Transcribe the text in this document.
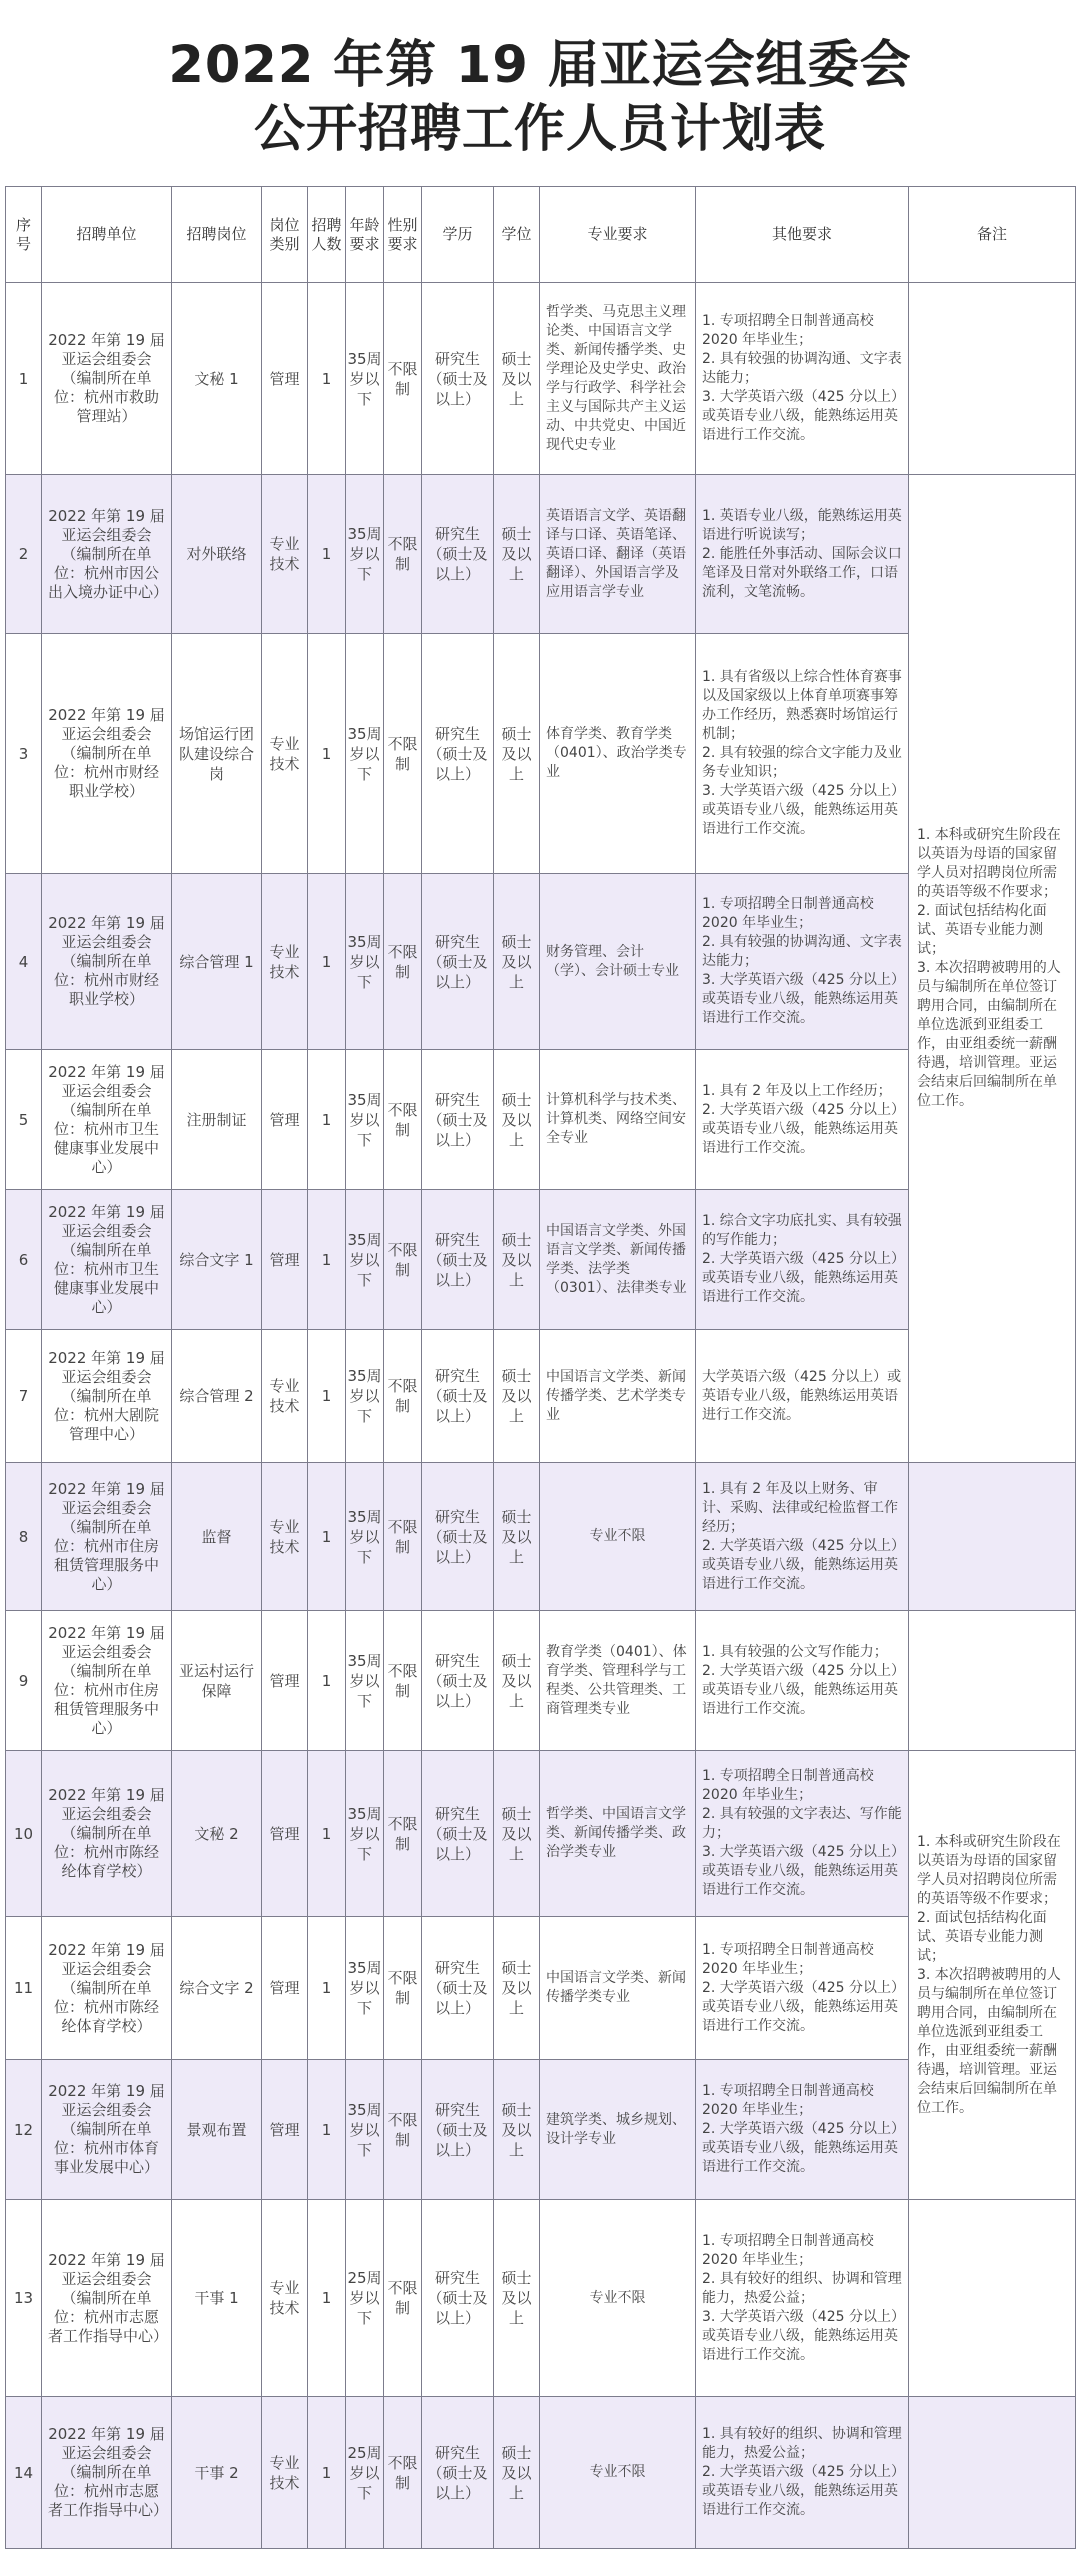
2022 年第 19 届亚运会组委会
公开招聘工作人员计划表
序号	招聘单位	招聘岗位	岗位类别	招聘人数	年龄要求	性别要求	学历	学位	专业要求	其他要求	备注
1	2022 年第 19 届亚运会组委会（编制所在单位：杭州市救助管理站）	文秘 1	管理	1	35周岁以下	不限制	研究生（硕士及以上）	硕士及以上	哲学类、马克思主义理论类、中国语言文学类、新闻传播学类、史学理论及史学史、政治学与行政学、科学社会主义与国际共产主义运动、中共党史、中国近现代史专业	1. 专项招聘全日制普通高校 2020 年毕业生；
2. 具有较强的协调沟通、文字表达能力；
3. 大学英语六级（425 分以上）或英语专业八级，能熟练运用英语进行工作交流。	
2	2022 年第 19 届亚运会组委会（编制所在单位：杭州市因公出入境办证中心）	对外联络	专业技术	1	35周岁以下	不限制	研究生（硕士及以上）	硕士及以上	英语语言文学、英语翻译与口译、英语笔译、英语口译、翻译（英语翻译）、外国语言学及应用语言学专业	1. 英语专业八级，能熟练运用英语进行听说读写；
2. 能胜任外事活动、国际会议口笔译及日常对外联络工作，口语流利，文笔流畅。	1. 本科或研究生阶段在以英语为母语的国家留学人员对招聘岗位所需的英语等级不作要求；
2. 面试包括结构化面试、英语专业能力测试；
3. 本次招聘被聘用的人员与编制所在单位签订聘用合同，由编制所在单位选派到亚组委工作，由亚组委统一薪酬待遇，培训管理。亚运会结束后回编制所在单位工作。
3	2022 年第 19 届亚运会组委会（编制所在单位：杭州市财经职业学校）	场馆运行团队建设综合岗	专业技术	1	35周岁以下	不限制	研究生（硕士及以上）	硕士及以上	体育学类、教育学类（0401）、政治学类专业	1. 具有省级以上综合性体育赛事以及国家级以上体育单项赛事筹办工作经历，熟悉赛时场馆运行机制；
2. 具有较强的综合文字能力及业务专业知识；
3. 大学英语六级（425 分以上）或英语专业八级，能熟练运用英语进行工作交流。	
4	2022 年第 19 届亚运会组委会（编制所在单位：杭州市财经职业学校）	综合管理 1	专业技术	1	35周岁以下	不限制	研究生（硕士及以上）	硕士及以上	财务管理、会计（学）、会计硕士专业	1. 专项招聘全日制普通高校 2020 年毕业生；
2. 具有较强的协调沟通、文字表达能力；
3. 大学英语六级（425 分以上）或英语专业八级，能熟练运用英语进行工作交流。	
5	2022 年第 19 届亚运会组委会（编制所在单位：杭州市卫生健康事业发展中心）	注册制证	管理	1	35周岁以下	不限制	研究生（硕士及以上）	硕士及以上	计算机科学与技术类、计算机类、网络空间安全专业	1. 具有 2 年及以上工作经历；
2. 大学英语六级（425 分以上）或英语专业八级，能熟练运用英语进行工作交流。	
6	2022 年第 19 届亚运会组委会（编制所在单位：杭州市卫生健康事业发展中心）	综合文字 1	管理	1	35周岁以下	不限制	研究生（硕士及以上）	硕士及以上	中国语言文学类、外国语言文学类、新闻传播学类、法学类（0301）、法律类专业	1. 综合文字功底扎实、具有较强的写作能力；
2. 大学英语六级（425 分以上）或英语专业八级，能熟练运用英语进行工作交流。	
7	2022 年第 19 届亚运会组委会（编制所在单位：杭州大剧院管理中心）	综合管理 2	专业技术	1	35周岁以下	不限制	研究生（硕士及以上）	硕士及以上	中国语言文学类、新闻传播学类、艺术学类专业	大学英语六级（425 分以上）或英语专业八级，能熟练运用英语进行工作交流。	
8	2022 年第 19 届亚运会组委会（编制所在单位：杭州市住房租赁管理服务中心）	监督	专业技术	1	35周岁以下	不限制	研究生（硕士及以上）	硕士及以上	专业不限	1. 具有 2 年及以上财务、审计、采购、法律或纪检监督工作经历；
2. 大学英语六级（425 分以上）或英语专业八级，能熟练运用英语进行工作交流。	
9	2022 年第 19 届亚运会组委会（编制所在单位：杭州市住房租赁管理服务中心）	亚运村运行保障	管理	1	35周岁以下	不限制	研究生（硕士及以上）	硕士及以上	教育学类（0401）、体育学类、管理科学与工程类、公共管理类、工商管理类专业	1. 具有较强的公文写作能力；
2. 大学英语六级（425 分以上）或英语专业八级，能熟练运用英语进行工作交流。	
10	2022 年第 19 届亚运会组委会（编制所在单位：杭州市陈经纶体育学校）	文秘 2	管理	1	35周岁以下	不限制	研究生（硕士及以上）	硕士及以上	哲学类、中国语言文学类、新闻传播学类、政治学类专业	1. 专项招聘全日制普通高校 2020 年毕业生；
2. 具有较强的文字表达、写作能力；
3. 大学英语六级（425 分以上）或英语专业八级，能熟练运用英语进行工作交流。	1. 本科或研究生阶段在以英语为母语的国家留学人员对招聘岗位所需的英语等级不作要求；
2. 面试包括结构化面试、英语专业能力测试；
3. 本次招聘被聘用的人员与编制所在单位签订聘用合同，由编制所在单位选派到亚组委工作，由亚组委统一薪酬待遇，培训管理。亚运会结束后回编制所在单位工作。
11	2022 年第 19 届亚运会组委会（编制所在单位：杭州市陈经纶体育学校）	综合文字 2	管理	1	35周岁以下	不限制	研究生（硕士及以上）	硕士及以上	中国语言文学类、新闻传播学类专业	1. 专项招聘全日制普通高校 2020 年毕业生；
2. 大学英语六级（425 分以上）或英语专业八级，能熟练运用英语进行工作交流。	
12	2022 年第 19 届亚运会组委会（编制所在单位：杭州市体育事业发展中心）	景观布置	管理	1	35周岁以下	不限制	研究生（硕士及以上）	硕士及以上	建筑学类、城乡规划、设计学专业	1. 专项招聘全日制普通高校 2020 年毕业生；
2. 大学英语六级（425 分以上）或英语专业八级，能熟练运用英语进行工作交流。	
13	2022 年第 19 届亚运会组委会（编制所在单位：杭州市志愿者工作指导中心）	干事 1	专业技术	1	25周岁以下	不限制	研究生（硕士及以上）	硕士及以上	专业不限	1. 专项招聘全日制普通高校 2020 年毕业生；
2. 具有较好的组织、协调和管理能力，热爱公益；
3. 大学英语六级（425 分以上）或英语专业八级，能熟练运用英语进行工作交流。	
14	2022 年第 19 届亚运会组委会（编制所在单位：杭州市志愿者工作指导中心）	干事 2	专业技术	1	25周岁以下	不限制	研究生（硕士及以上）	硕士及以上	专业不限	1. 具有较好的组织、协调和管理能力，热爱公益；
2. 大学英语六级（425 分以上）或英语专业八级，能熟练运用英语进行工作交流。	
